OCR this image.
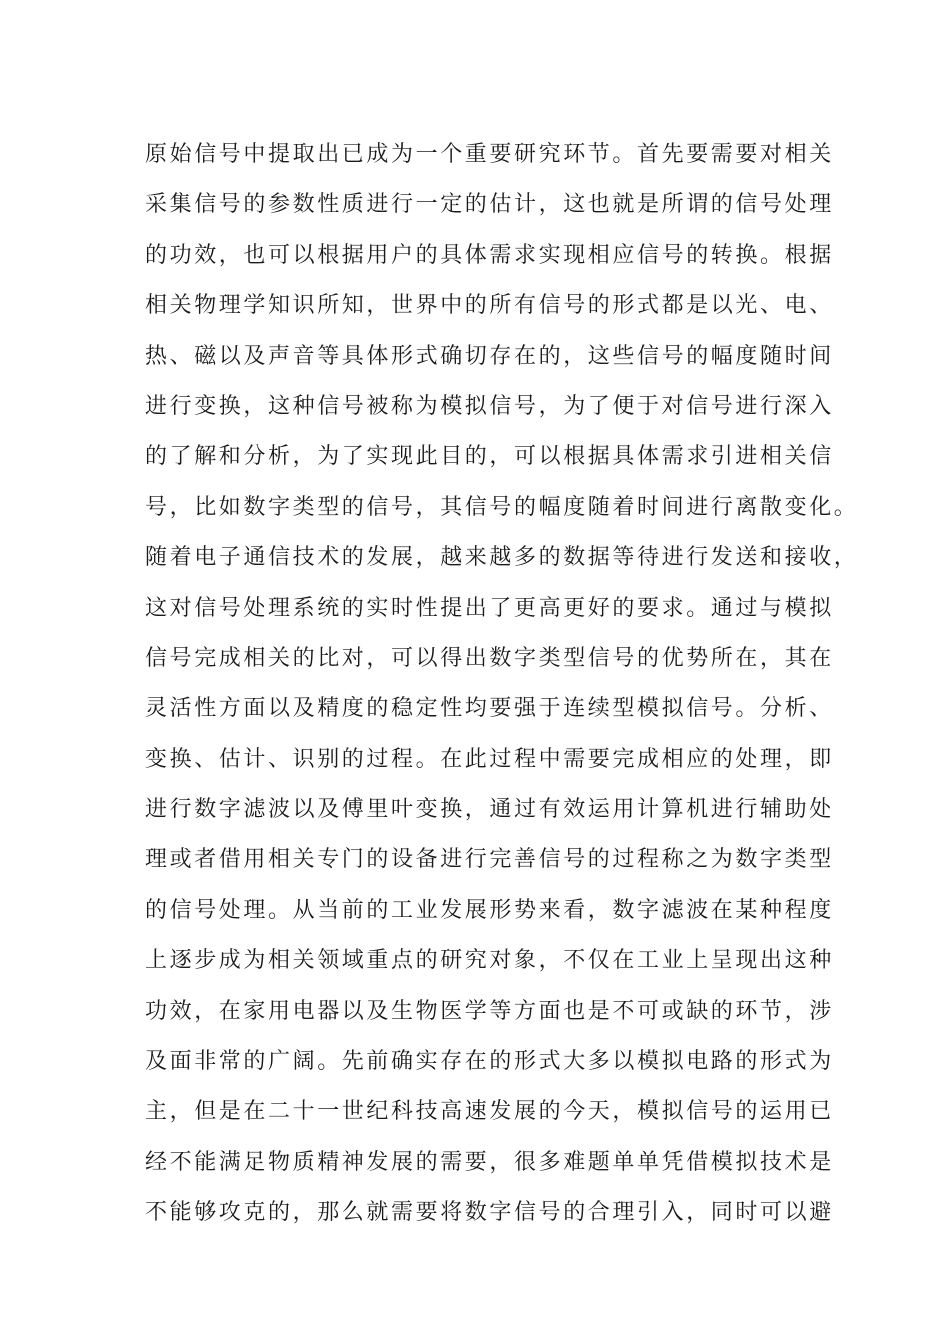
原始信号中提取出已成为一个重要研究环节。首先要需要对相关
采集信号的参数性质进行一定的估计，这也就是所谓的信号处理
的功效，也可以根据用户的具体需求实现相应信号的转换。根据
相关物理学知识所知，世界中的所有信号的形式都是以光、电、
热、磁以及声音等具体形式确切存在的，这些信号的幅度随时间
进行变换，这种信号被称为模拟信号，为了便于对信号进行深入
的了解和分析，为了实现此目的，可以根据具体需求引进相关信
号，比如数字类型的信号，其信号的幅度随着时间进行离散变化。
随着电子通信技术的发展，越来越多的数据等待进行发送和接收，
这对信号处理系统的实时性提出了更高更好的要求。通过与模拟
信号完成相关的比对，可以得出数字类型信号的优势所在，其在
灵活性方面以及精度的稳定性均要强于连续型模拟信号。分析、
变换、估计、识别的过程。在此过程中需要完成相应的处理，即
进行数字滤波以及傅里叶变换，通过有效运用计算机进行辅助处
理或者借用相关专门的设备进行完善信号的过程称之为数字类型
的信号处理。从当前的工业发展形势来看，数字滤波在某种程度
上逐步成为相关领域重点的研究对象，不仅在工业上呈现出这种
功效，在家用电器以及生物医学等方面也是不可或缺的环节，涉
及面非常的广阔。先前确实存在的形式大多以模拟电路的形式为
主，但是在二十一世纪科技高速发展的今天，模拟信号的运用已
经不能满足物质精神发展的需要，很多难题单单凭借模拟技术是
不能够攻克的，那么就需要将数字信号的合理引入，同时可以避
